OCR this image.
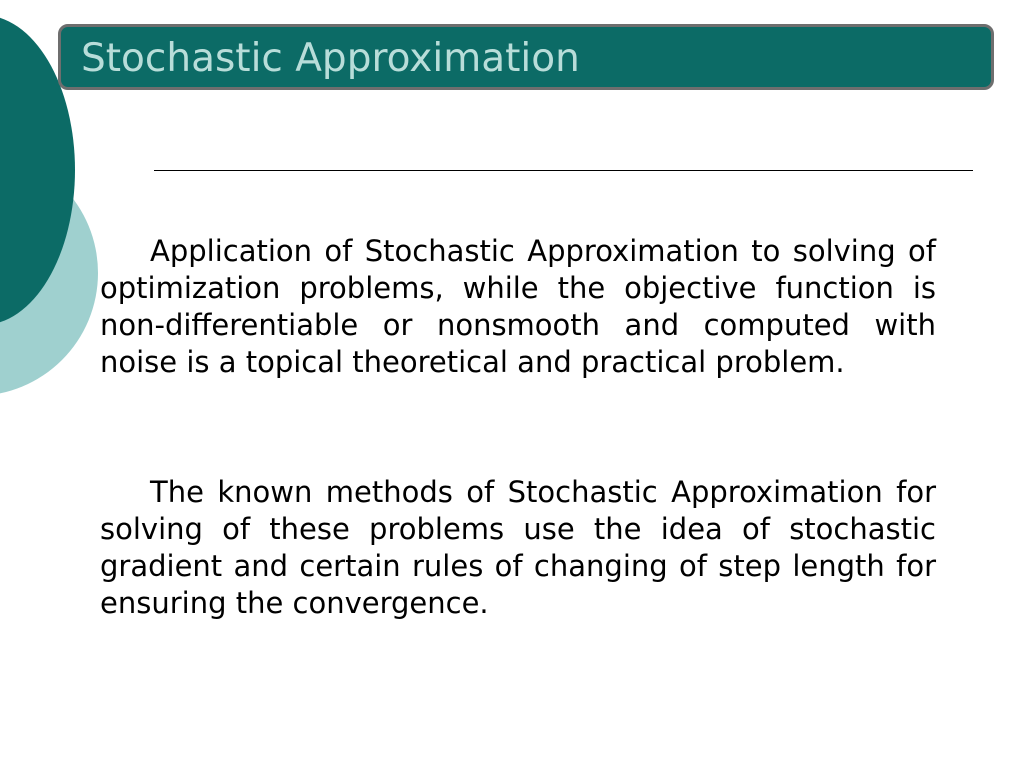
Stochastic Approximation

Application of Stochastic Approximation to solving of optimization problems, while the objective function is non-differentiable or nonsmooth and computed with noise is a topical theoretical and practical problem.

The known methods of Stochastic Approximation for solving of these problems use the idea of stochastic gradient and certain rules of changing of step length for ensuring the convergence.
